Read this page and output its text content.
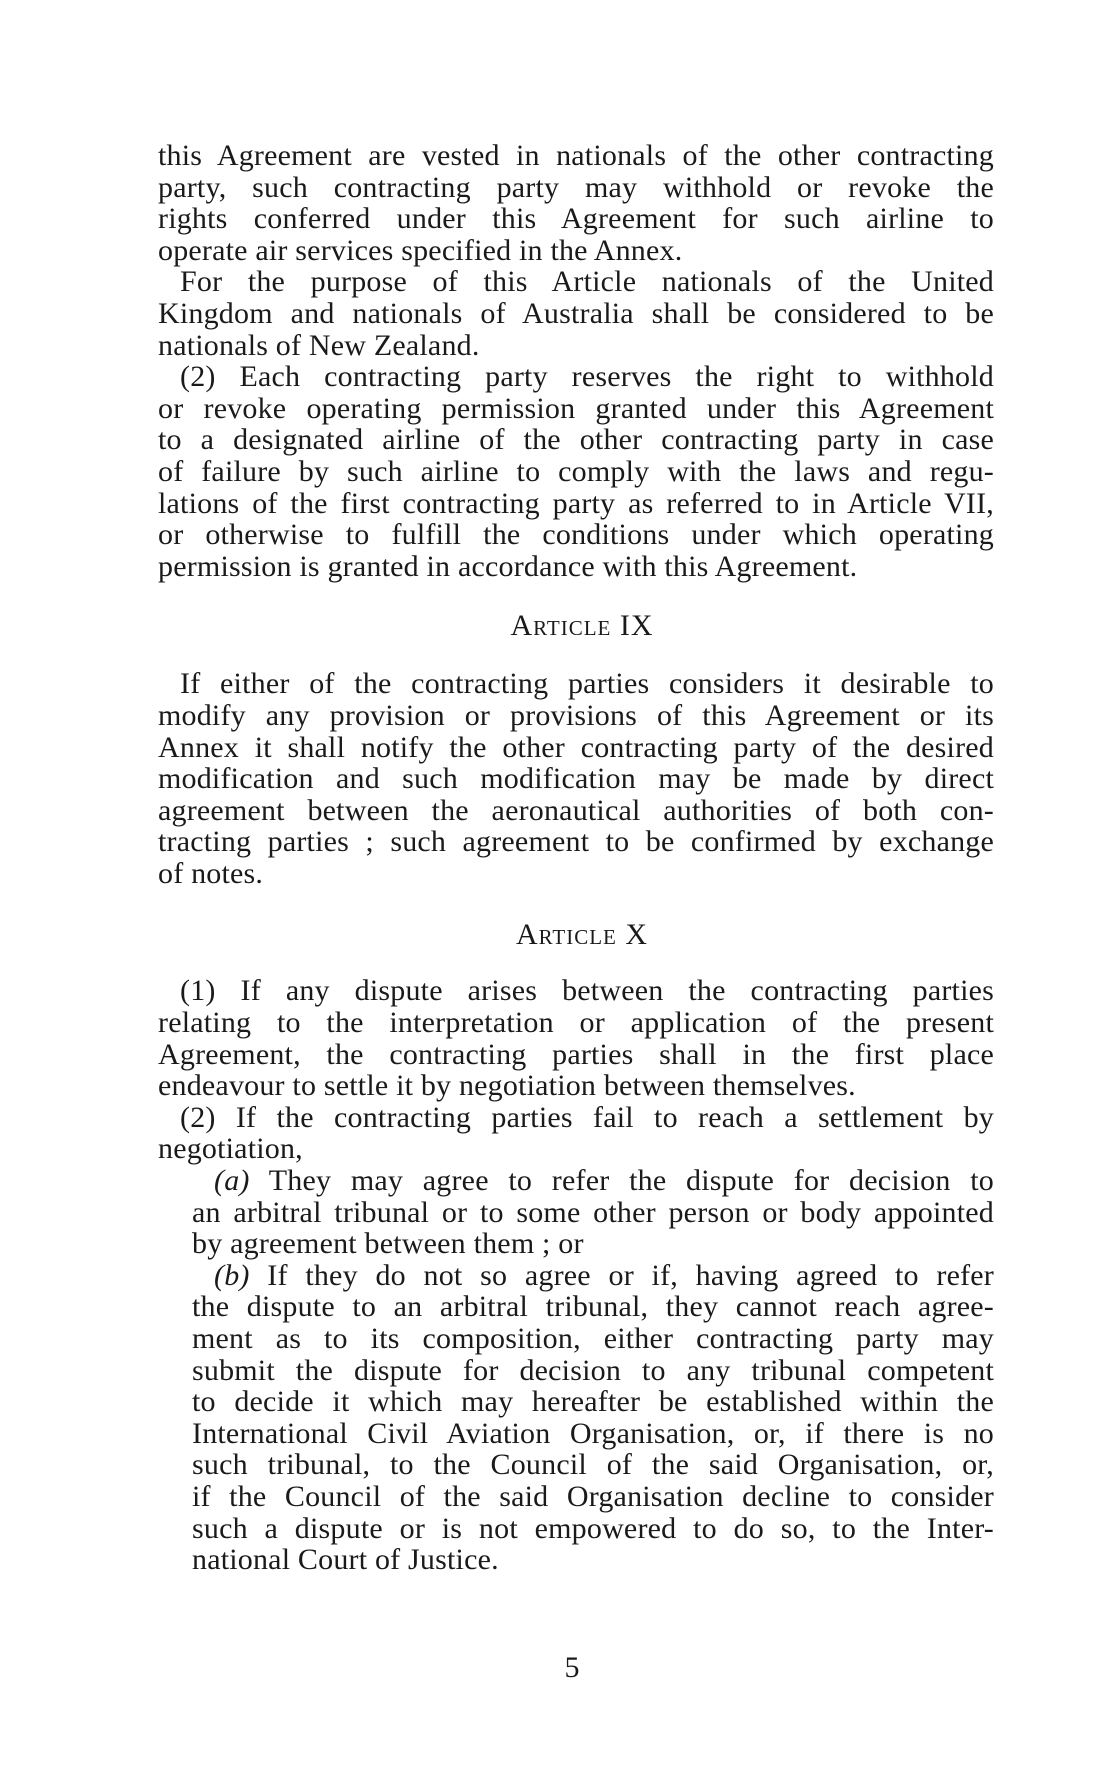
this Agreement are vested in nationals of the other contracting
party, such contracting party may withhold or revoke the
rights conferred under this Agreement for such airline to
operate air services specified in the Annex.
For the purpose of this Article nationals of the United
Kingdom and nationals of Australia shall be considered to be
nationals of New Zealand.
(2) Each contracting party reserves the right to withhold
or revoke operating permission granted under this Agreement
to a designated airline of the other contracting party in case
of failure by such airline to comply with the laws and regu-
lations of the first contracting party as referred to in Article VII,
or otherwise to fulfill the conditions under which operating
permission is granted in accordance with this Agreement.
Article IX
If either of the contracting parties considers it desirable to
modify any provision or provisions of this Agreement or its
Annex it shall notify the other contracting party of the desired
modification and such modification may be made by direct
agreement between the aeronautical authorities of both con-
tracting parties ; such agreement to be confirmed by exchange
of notes.
Article X
(1) If any dispute arises between the contracting parties
relating to the interpretation or application of the present
Agreement, the contracting parties shall in the first place
endeavour to settle it by negotiation between themselves.
(2) If the contracting parties fail to reach a settlement by
negotiation,
(a) They may agree to refer the dispute for decision to
an arbitral tribunal or to some other person or body appointed
by agreement between them ; or
(b) If they do not so agree or if, having agreed to refer
the dispute to an arbitral tribunal, they cannot reach agree-
ment as to its composition, either contracting party may
submit the dispute for decision to any tribunal competent
to decide it which may hereafter be established within the
International Civil Aviation Organisation, or, if there is no
such tribunal, to the Council of the said Organisation, or,
if the Council of the said Organisation decline to consider
such a dispute or is not empowered to do so, to the Inter-
national Court of Justice.
5
